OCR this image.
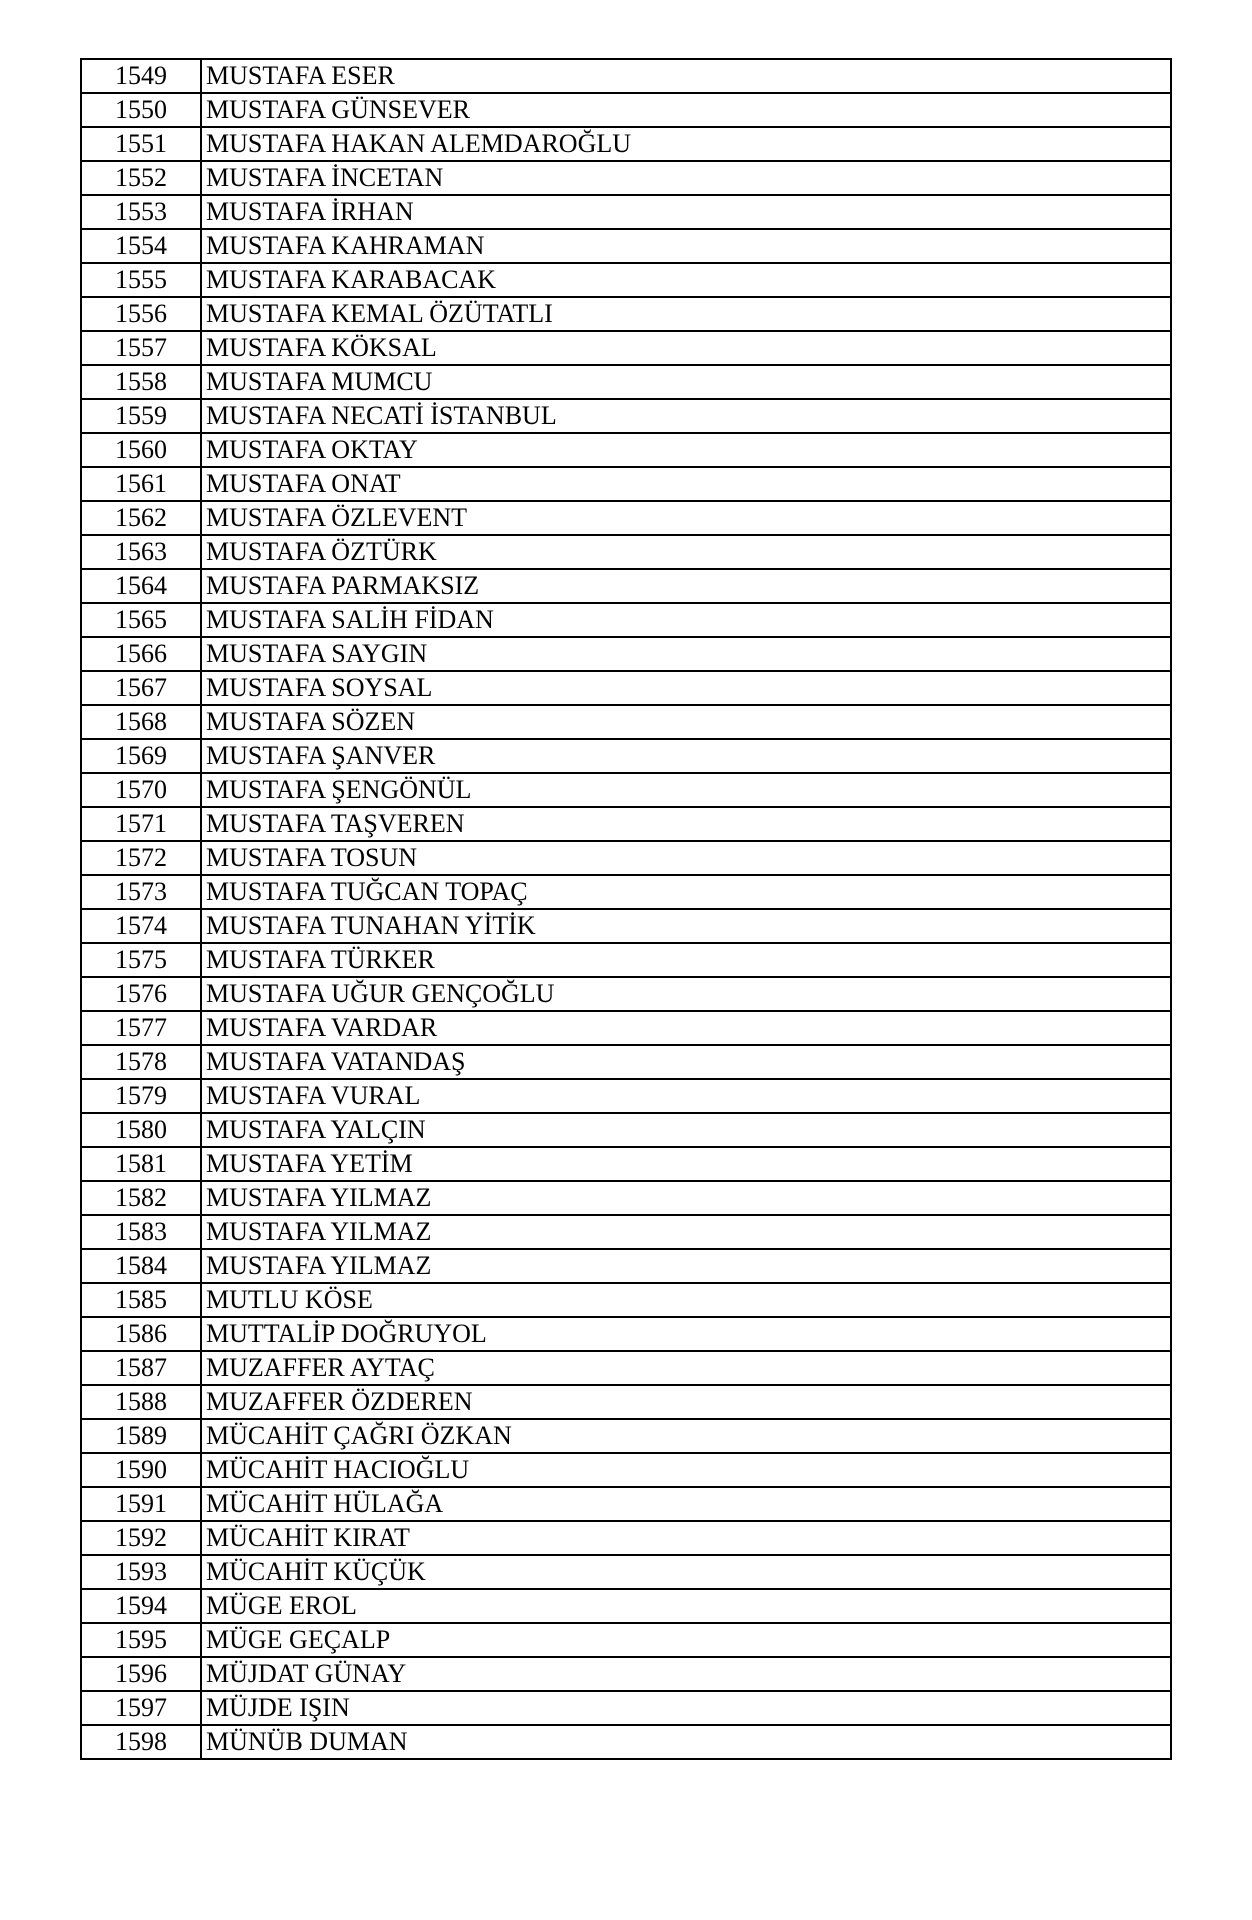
1549	MUSTAFA ESER
1550	MUSTAFA GÜNSEVER
1551	MUSTAFA HAKAN ALEMDAROĞLU
1552	MUSTAFA İNCETAN
1553	MUSTAFA İRHAN
1554	MUSTAFA KAHRAMAN
1555	MUSTAFA KARABACAK
1556	MUSTAFA KEMAL ÖZÜTATLI
1557	MUSTAFA KÖKSAL
1558	MUSTAFA MUMCU
1559	MUSTAFA NECATİ İSTANBUL
1560	MUSTAFA OKTAY
1561	MUSTAFA ONAT
1562	MUSTAFA ÖZLEVENT
1563	MUSTAFA ÖZTÜRK
1564	MUSTAFA PARMAKSIZ
1565	MUSTAFA SALİH FİDAN
1566	MUSTAFA SAYGIN
1567	MUSTAFA SOYSAL
1568	MUSTAFA SÖZEN
1569	MUSTAFA ŞANVER
1570	MUSTAFA ŞENGÖNÜL
1571	MUSTAFA TAŞVEREN
1572	MUSTAFA TOSUN
1573	MUSTAFA TUĞCAN TOPAÇ
1574	MUSTAFA TUNAHAN YİTİK
1575	MUSTAFA TÜRKER
1576	MUSTAFA UĞUR GENÇOĞLU
1577	MUSTAFA VARDAR
1578	MUSTAFA VATANDAŞ
1579	MUSTAFA VURAL
1580	MUSTAFA YALÇIN
1581	MUSTAFA YETİM
1582	MUSTAFA YILMAZ
1583	MUSTAFA YILMAZ
1584	MUSTAFA YILMAZ
1585	MUTLU KÖSE
1586	MUTTALİP DOĞRUYOL
1587	MUZAFFER AYTAÇ
1588	MUZAFFER ÖZDEREN
1589	MÜCAHİT ÇAĞRI ÖZKAN
1590	MÜCAHİT HACIOĞLU
1591	MÜCAHİT HÜLAĞA
1592	MÜCAHİT KIRAT
1593	MÜCAHİT KÜÇÜK
1594	MÜGE EROL
1595	MÜGE GEÇALP
1596	MÜJDAT GÜNAY
1597	MÜJDE IŞIN
1598	MÜNÜB DUMAN
